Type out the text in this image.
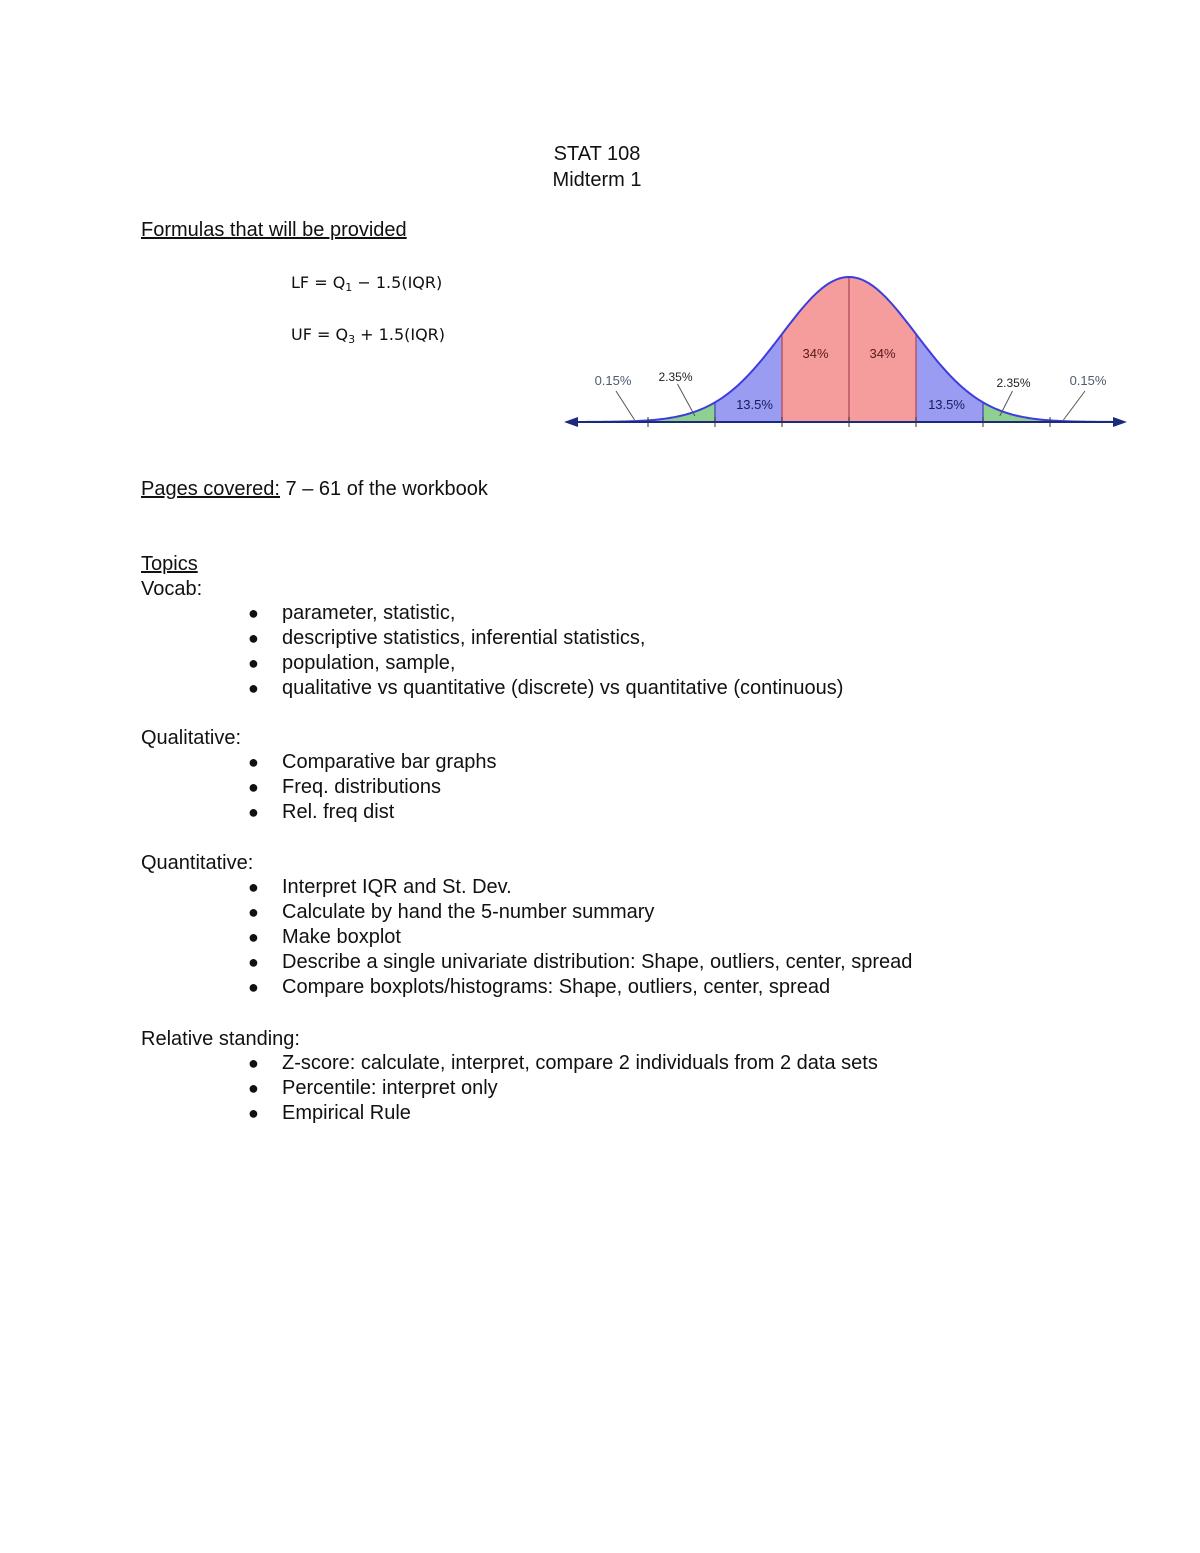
STAT 108
Midterm 1
Formulas that will be provided
LF = $Q_1 - 1.5(IQR)$
UF = $Q_3 + 1.5(IQR)$
2.35%
13.5%
34%	34%
13.5%
2.35%
0.15%	0.15%
Pages covered: 7 – 61 of the workbook
Topics
Vocab:
● parameter, statistic,
● descriptive statistics, inferential statistics,
● population, sample,
● qualitative vs quantitative (discrete) vs quantitative (continuous)
Qualitative:
● Comparative bar graphs
● Freq. distributions
● Rel. freq dist
Quantitative:
● Interpret IQR and St. Dev.
● Calculate by hand the 5-number summary
● Make boxplot
● Describe a single univariate distribution: Shape, outliers, center, spread
● Compare boxplots/histograms: Shape, outliers, center, spread
Relative standing:
● Z-score: calculate, interpret, compare 2 individuals from 2 data sets
● Percentile: interpret only
● Empirical Rule
